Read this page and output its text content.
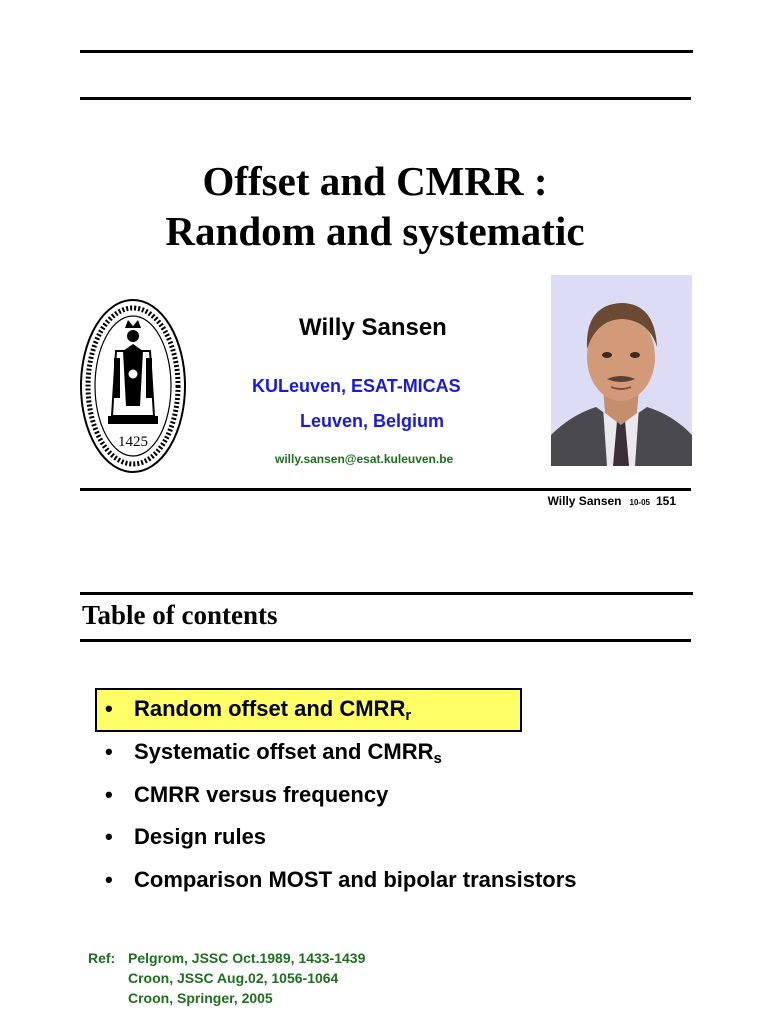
Offset and CMRR :
Random and systematic
1425
Willy Sansen
KULeuven, ESAT-MICAS
Leuven, Belgium
willy.sansen@esat.kuleuven.be
Willy Sansen 10-05 151
Table of contents
• Random offset and $CMRR_r$
• Systematic offset and $CMRR_s$
• CMRR versus frequency
• Design rules
• Comparison MOST and bipolar transistors
Ref: Pelgrom, JSSC Oct.1989, 1433-1439
Croon, JSSC Aug.02, 1056-1064
Croon, Springer, 2005
